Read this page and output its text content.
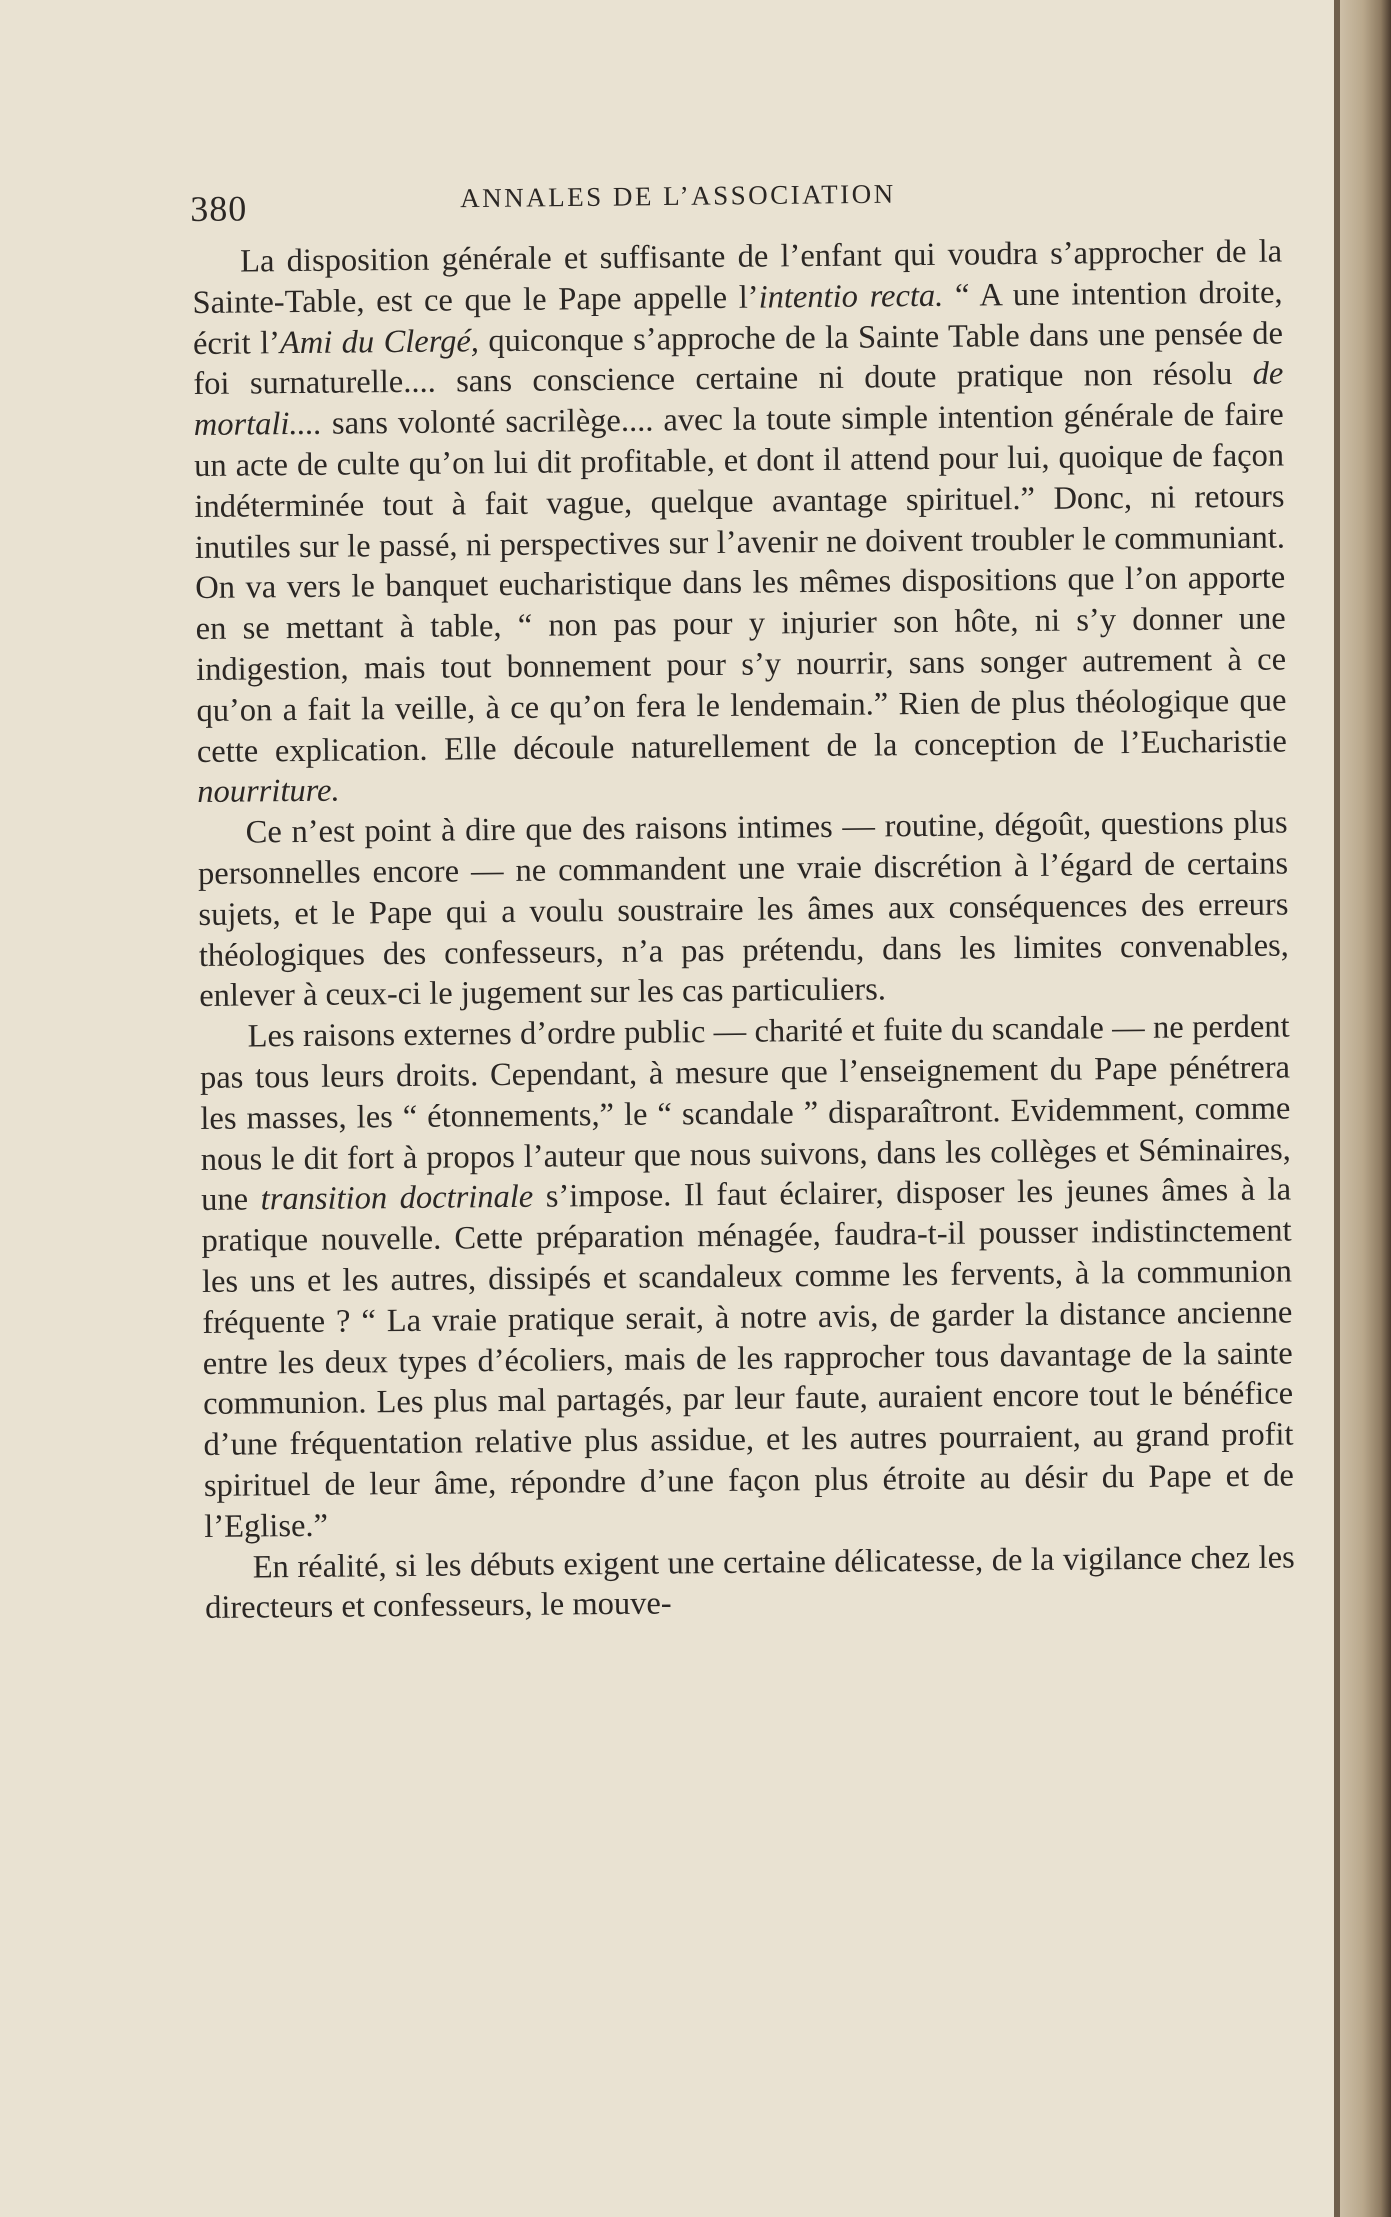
380	ANNALES DE L’ASSOCIATION

La disposition générale et suffisante de l’enfant qui voudra s’approcher de la Sainte-Table, est ce que le Pape appelle l’intentio recta. “ A une intention droite, écrit l’Ami du Clergé, quiconque s’approche de la Sainte Table dans une pensée de foi surnaturelle.... sans conscience certaine ni doute pratique non résolu de mortali.... sans volonté sacrilège.... avec la toute simple intention générale de faire un acte de culte qu’on lui dit profitable, et dont il attend pour lui, quoique de façon indéterminée tout à fait vague, quelque avantage spirituel.” Donc, ni retours inutiles sur le passé, ni perspectives sur l’avenir ne doivent troubler le communiant. On va vers le banquet eucharistique dans les mêmes dispositions que l’on apporte en se mettant à table, “ non pas pour y injurier son hôte, ni s’y donner une indigestion, mais tout bonnement pour s’y nourrir, sans songer autrement à ce qu’on a fait la veille, à ce qu’on fera le lendemain.” Rien de plus théologique que cette explication. Elle découle naturellement de la conception de l’Eucharistie nourriture.

Ce n’est point à dire que des raisons intimes — routine, dégoût, questions plus personnelles encore — ne commandent une vraie discrétion à l’égard de certains sujets, et le Pape qui a voulu soustraire les âmes aux conséquences des erreurs théologiques des confesseurs, n’a pas prétendu, dans les limites convenables, enlever à ceux-ci le jugement sur les cas particuliers.

Les raisons externes d’ordre public — charité et fuite du scandale — ne perdent pas tous leurs droits. Cependant, à mesure que l’enseignement du Pape pénétrera les masses, les “ étonnements,” le “ scandale ” disparaîtront. Evidemment, comme nous le dit fort à propos l’auteur que nous suivons, dans les collèges et Séminaires, une transition doctrinale s’impose. Il faut éclairer, disposer les jeunes âmes à la pratique nouvelle. Cette préparation ménagée, faudra-t-il pousser indistinctement les uns et les autres, dissipés et scandaleux comme les fervents, à la communion fréquente ? “ La vraie pratique serait, à notre avis, de garder la distance ancienne entre les deux types d’écoliers, mais de les rapprocher tous davantage de la sainte communion. Les plus mal partagés, par leur faute, auraient encore tout le bénéfice d’une fréquentation relative plus assidue, et les autres pourraient, au grand profit spirituel de leur âme, répondre d’une façon plus étroite au désir du Pape et de l’Eglise.”

En réalité, si les débuts exigent une certaine délicatesse, de la vigilance chez les directeurs et confesseurs, le mouve-
